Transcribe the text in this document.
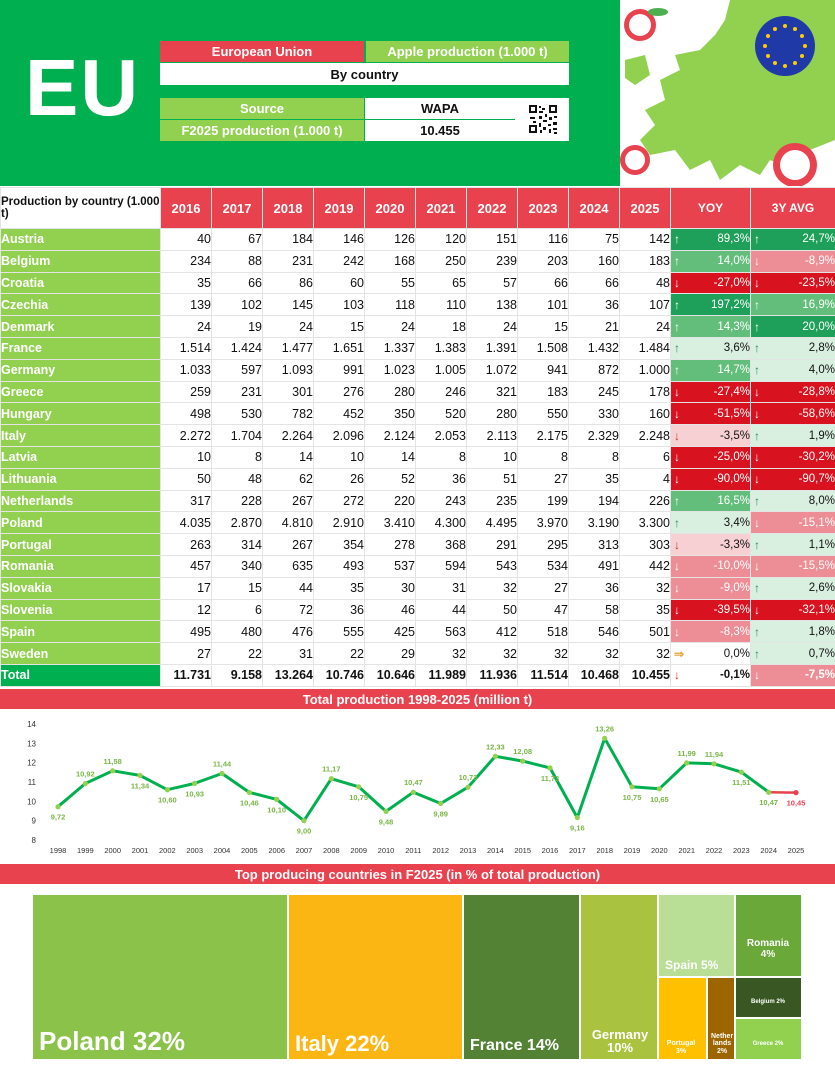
EU	European Union	Apple production (1.000 t)
By country
Source	WAPA
F2025 production (1.000 t)	10.455
Production by country (1.000 t)	2016	2017	2018	2019	2020	2021	2022	2023	2024	2025	YOY	3Y AVG
Austria	40	67	184	146	126	120	151	116	75	142	↑ 89,3%	↑ 24,7%
Belgium	234	88	231	242	168	250	239	203	160	183	↑ 14,0%	↓ -8,9%
Croatia	35	66	86	60	55	65	57	66	66	48	↓ -27,0%	↓ -23,5%
Czechia	139	102	145	103	118	110	138	101	36	107	↑ 197,2%	↑ 16,9%
Denmark	24	19	24	15	24	18	24	15	21	24	↑ 14,3%	↑ 20,0%
France	1.514	1.424	1.477	1.651	1.337	1.383	1.391	1.508	1.432	1.484	↑ 3,6%	↑ 2,8%
Germany	1.033	597	1.093	991	1.023	1.005	1.072	941	872	1.000	↑ 14,7%	↑ 4,0%
Greece	259	231	301	276	280	246	321	183	245	178	↓ -27,4%	↓ -28,8%
Hungary	498	530	782	452	350	520	280	550	330	160	↓ -51,5%	↓ -58,6%
Italy	2.272	1.704	2.264	2.096	2.124	2.053	2.113	2.175	2.329	2.248	↓ -3,5%	↑ 1,9%
Latvia	10	8	14	10	14	8	10	8	8	6	↓ -25,0%	↓ -30,2%
Lithuania	50	48	62	26	52	36	51	27	35	4	↓ -90,0%	↓ -90,7%
Netherlands	317	228	267	272	220	243	235	199	194	226	↑ 16,5%	↑ 8,0%
Poland	4.035	2.870	4.810	2.910	3.410	4.300	4.495	3.970	3.190	3.300	↑ 3,4%	↓ -15,1%
Portugal	263	314	267	354	278	368	291	295	313	303	↓ -3,3%	↑ 1,1%
Romania	457	340	635	493	537	594	543	534	491	442	↓ -10,0%	↓ -15,5%
Slovakia	17	15	44	35	30	31	32	27	36	32	↓ -9,0%	↑ 2,6%
Slovenia	12	6	72	36	46	44	50	47	58	35	↓ -39,5%	↓ -32,1%
Spain	495	480	476	555	425	563	412	518	546	501	↓ -8,3%	↑ 1,8%
Sweden	27	22	31	22	29	32	32	32	32	32	⇒ 0,0%	↑ 0,7%
Total	11.731	9.158	13.264	10.746	10.646	11.989	11.936	11.514	10.468	10.455	↓ -0,1%	↓ -7,5%
Total production 1998-2025 (million t)
8
9
10
11
12
13
14
1998 1999 2000 2001 2002 2003 2004 2005 2006 2007 2008 2009 2010 2011 2012 2013 2014 2015 2016 2017 2018 2019 2020 2021 2022 2023 2024 2025
9,72
10,92
11,58
11,34
10,60
10,93
11,44
10,46
10,10
9,00
11,17
10,75
9,48
10,47
9,89
10,73
12,33
12,08
11,73
9,16
13,26
10,75 10,65
11,99 11,94
11,51
10,47 10,45
Top producing countries in F2025 (in % of total production)
Poland 32%	Italy 22%	France 14%
Germany 10%
Spain 5%
Romania 4%
Portugal 3%
Nether lands 2%
Belgium 2%
Greece 2%
